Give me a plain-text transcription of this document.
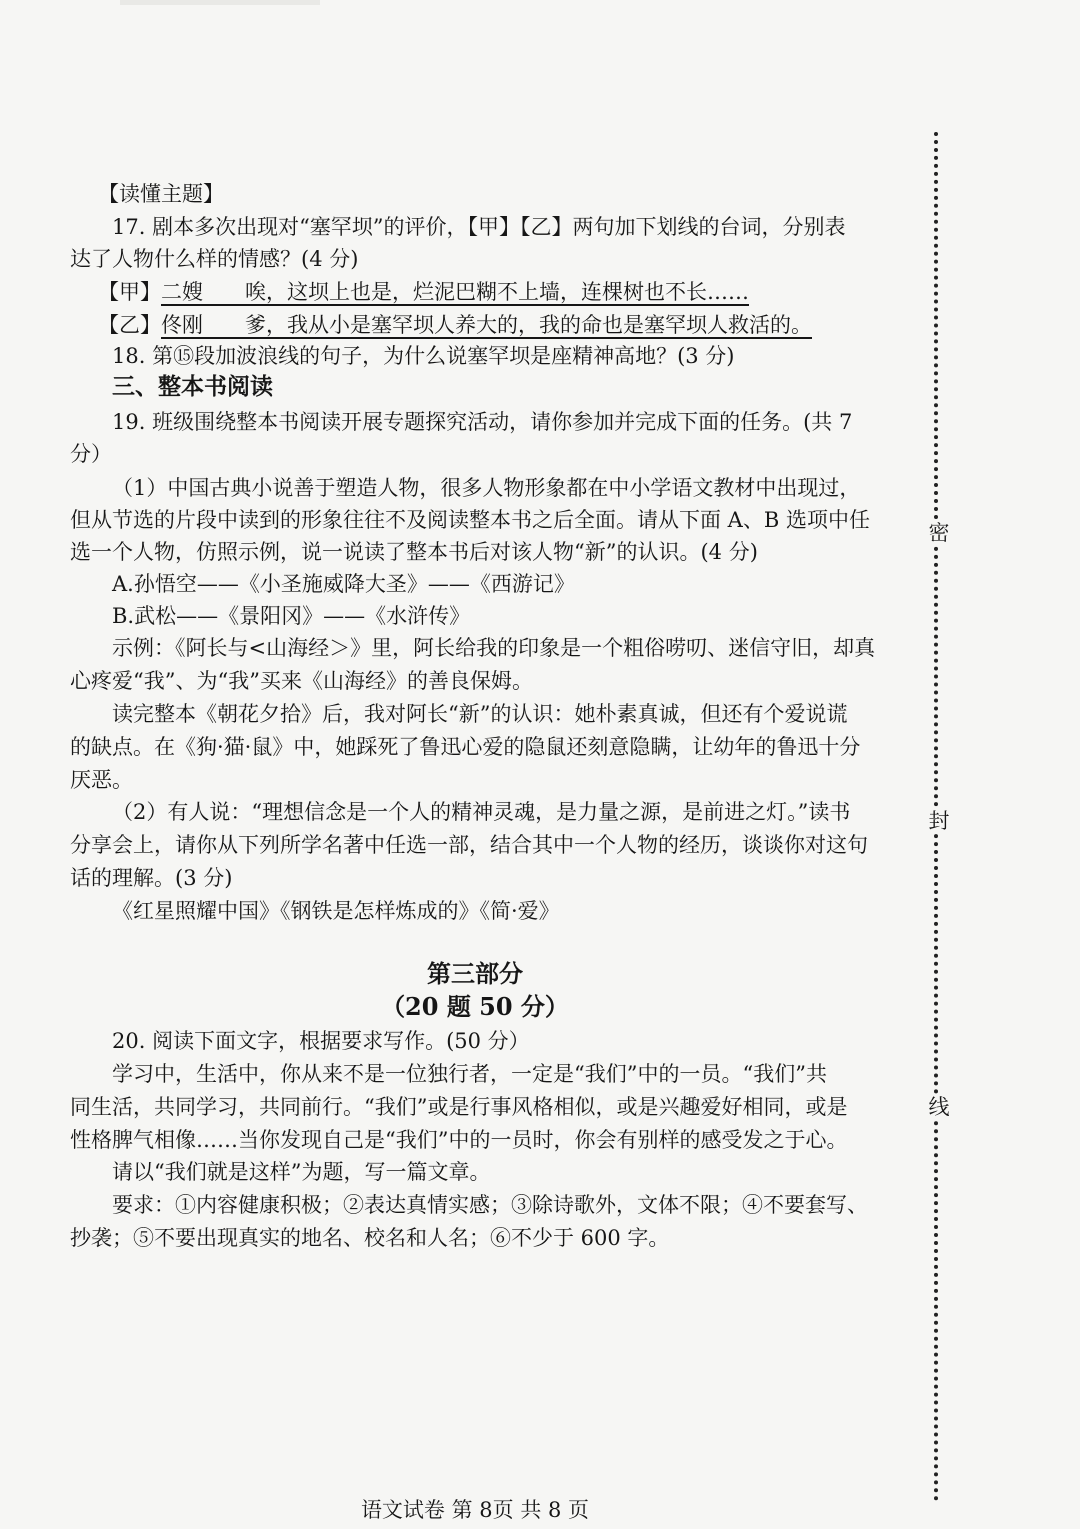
【读懂主题】
17. 剧本多次出现对“塞罕坝”的评价，【甲】【乙】两句加下划线的台词，分别表
达了人物什么样的情感？(4 分)
【甲】二嫂　　唉，这坝上也是，烂泥巴糊不上墙，连棵树也不长……
【乙】佟刚　　爹，我从小是塞罕坝人养大的，我的命也是塞罕坝人救活的。
18. 第⑮段加波浪线的句子，为什么说塞罕坝是座精神高地？(3 分)
三、整本书阅读
19. 班级围绕整本书阅读开展专题探究活动，请你参加并完成下面的任务。(共 7
分）
（1）中国古典小说善于塑造人物，很多人物形象都在中小学语文教材中出现过，
但从节选的片段中读到的形象往往不及阅读整本书之后全面。请从下面 A、B 选项中任
选一个人物，仿照示例，说一说读了整本书后对该人物“新”的认识。(4 分)
A.孙悟空——《小圣施威降大圣》——《西游记》
B.武松——《景阳冈》——《水浒传》
示例：《阿长与<山海经＞》里，阿长给我的印象是一个粗俗唠叨、迷信守旧，却真
心疼爱“我”、为“我”买来《山海经》的善良保姆。
读完整本《朝花夕拾》后，我对阿长“新”的认识：她朴素真诚，但还有个爱说谎
的缺点。在《狗·猫·鼠》中，她踩死了鲁迅心爱的隐鼠还刻意隐瞒，让幼年的鲁迅十分
厌恶。
（2）有人说：“理想信念是一个人的精神灵魂，是力量之源，是前进之灯。”读书
分享会上，请你从下列所学名著中任选一部，结合其中一个人物的经历，谈谈你对这句
话的理解。(3 分)
《红星照耀中国》《钢铁是怎样炼成的》《简·爱》
第三部分
（20 题 50 分）
20. 阅读下面文字，根据要求写作。(50 分）
学习中，生活中，你从来不是一位独行者，一定是“我们”中的一员。“我们”共
同生活，共同学习，共同前行。“我们”或是行事风格相似，或是兴趣爱好相同，或是
性格脾气相像……当你发现自己是“我们”中的一员时，你会有别样的感受发之于心。
请以“我们就是这样”为题，写一篇文章。
要求：①内容健康积极；②表达真情实感；③除诗歌外，文体不限；④不要套写、
抄袭；⑤不要出现真实的地名、校名和人名；⑥不少于 600 字。
语文试卷 第 8页 共 8 页
密
封
线
